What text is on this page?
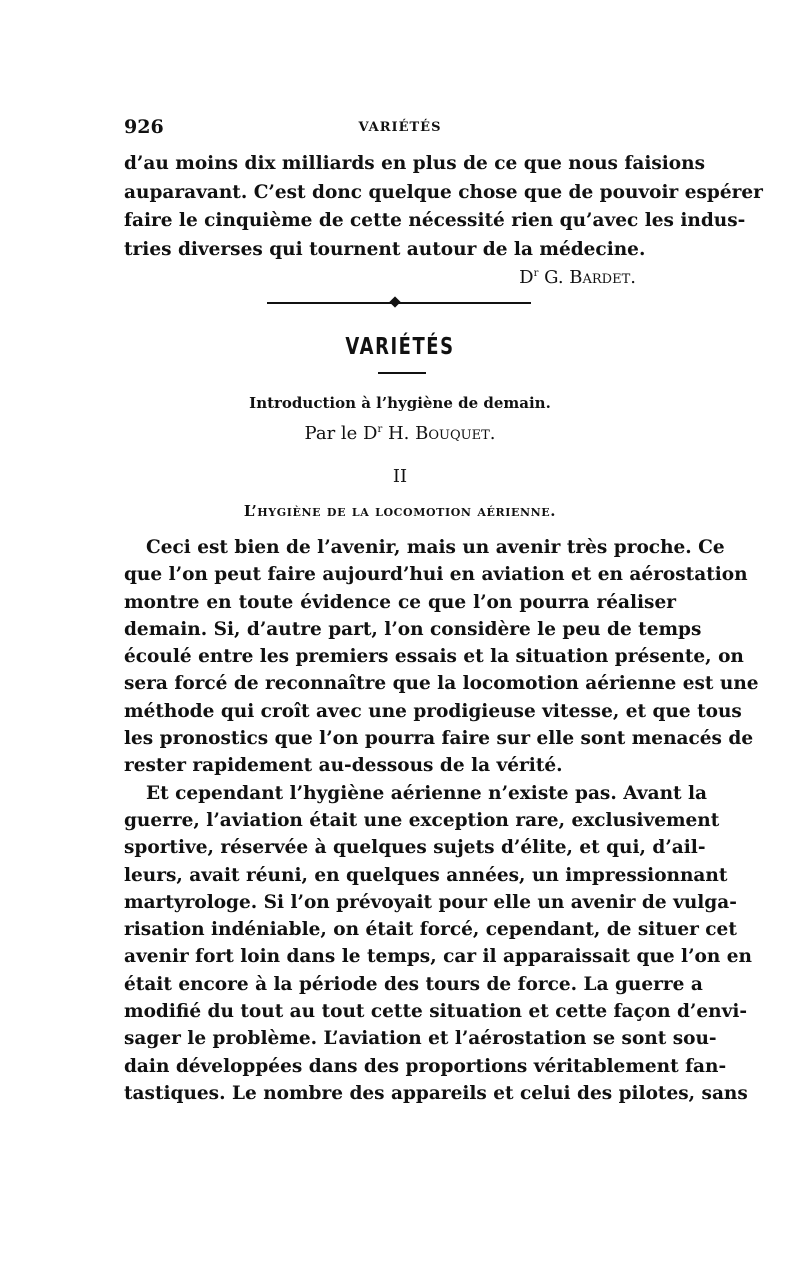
926	VARIÉTÉS
d’au moins dix milliards en plus de ce que nous faisions
auparavant. C’est donc quelque chose que de pouvoir espérer
faire le cinquième de cette nécessité rien qu’avec les indus-
tries diverses qui tournent autour de la médecine.
$D^r$ G. Bardet.
VARIÉTÉS
Introduction à l’hygiène de demain.
Par le $D^r$ H. Bouquet.
II
L’hygiène de la locomotion aérienne.
Ceci est bien de l’avenir, mais un avenir très proche. Ce
que l’on peut faire aujourd’hui en aviation et en aérostation
montre en toute évidence ce que l’on pourra réaliser
demain. Si, d’autre part, l’on considère le peu de temps
écoulé entre les premiers essais et la situation présente, on
sera forcé de reconnaître que la locomotion aérienne est une
méthode qui croît avec une prodigieuse vitesse, et que tous
les pronostics que l’on pourra faire sur elle sont menacés de
rester rapidement au-dessous de la vérité.
Et cependant l’hygiène aérienne n’existe pas. Avant la
guerre, l’aviation était une exception rare, exclusivement
sportive, réservée à quelques sujets d’élite, et qui, d’ail-
leurs, avait réuni, en quelques années, un impressionnant
martyrologe. Si l’on prévoyait pour elle un avenir de vulga-
risation indéniable, on était forcé, cependant, de situer cet
avenir fort loin dans le temps, car il apparaissait que l’on en
était encore à la période des tours de force. La guerre a
modifié du tout au tout cette situation et cette façon d’envi-
sager le problème. L’aviation et l’aérostation se sont sou-
dain développées dans des proportions véritablement fan-
tastiques. Le nombre des appareils et celui des pilotes, sans
